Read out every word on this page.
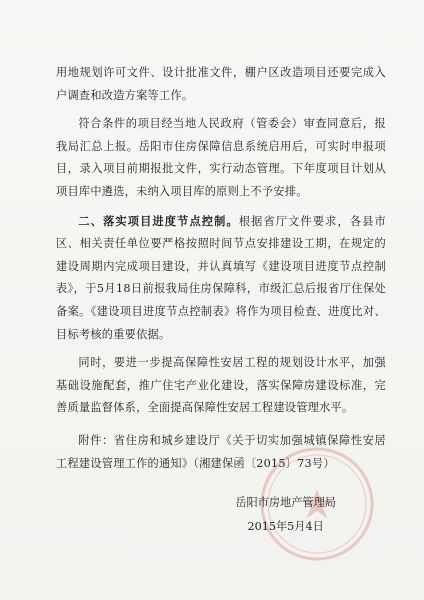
用地规划许可文件、设计批准文件，棚户区改造项目还要完成入户调查和改造方案等工作。

符合条件的项目经当地人民政府（管委会）审查同意后，报我局汇总上报。岳阳市住房保障信息系统启用后，可实时申报项目，录入项目前期报批文件，实行动态管理。下年度项目计划从项目库中遴选，未纳入项目库的原则上不予安排。

二、落实项目进度节点控制。根据省厅文件要求，各县市区、相关责任单位要严格按照时间节点安排建设工期，在规定的建设周期内完成项目建设，并认真填写《建设项目进度节点控制表》，于5月18日前报我局住房保障科，市级汇总后报省厅住保处备案。《建设项目进度节点控制表》将作为项目检查、进度比对、目标考核的重要依据。

同时，要进一步提高保障性安居工程的规划设计水平，加强基础设施配套，推广住宅产业化建设，落实保障房建设标准，完善质量监督体系，全面提高保障性安居工程建设管理水平。

附件：省住房和城乡建设厅《关于切实加强城镇保障性安居工程建设管理工作的通知》（湘建保函〔2015〕73号）

岳阳市房地产管理局
2015年5月4日
